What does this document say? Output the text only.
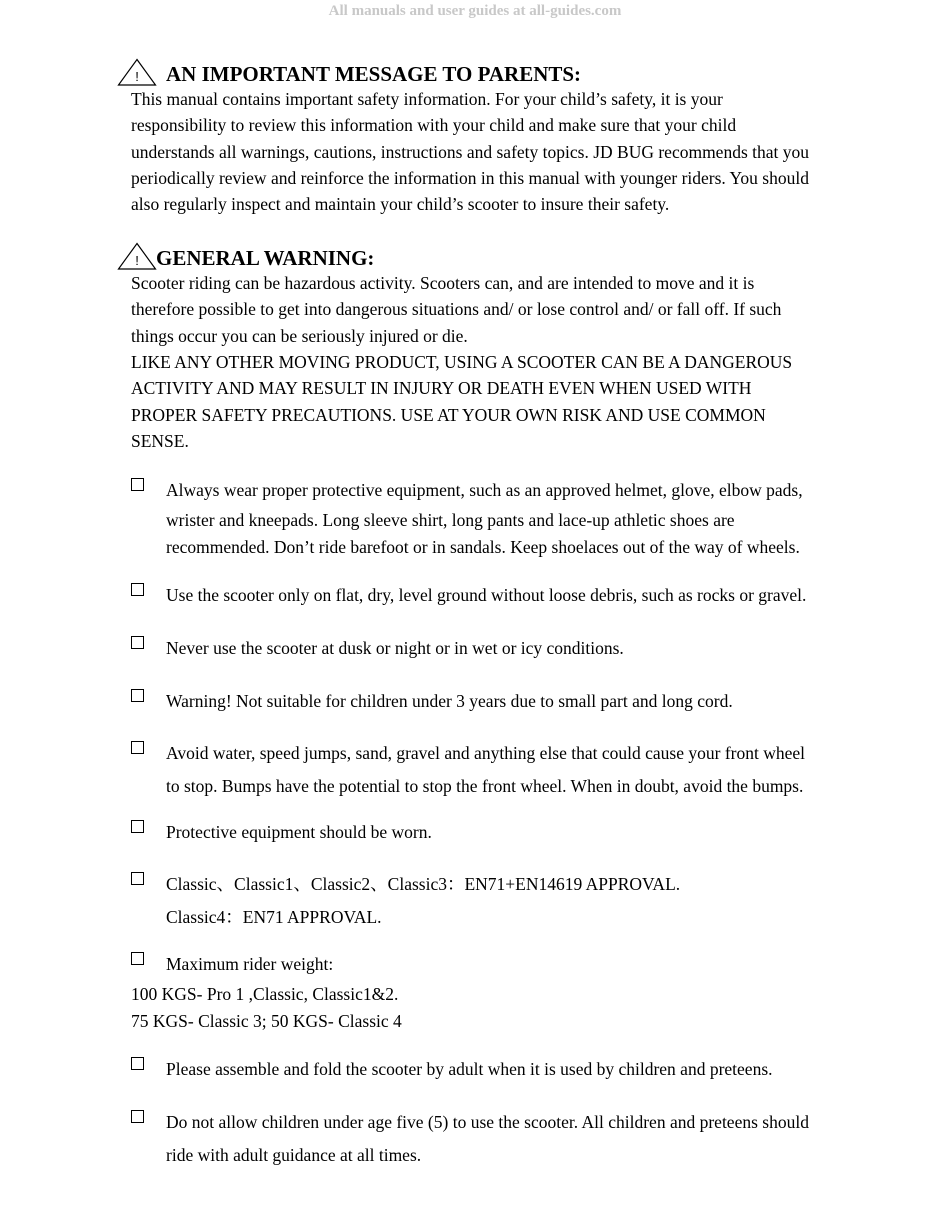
All manuals and user guides at all-guides.com
! AN IMPORTANT MESSAGE TO PARENTS:
This manual contains important safety information. For your child’s safety, it is your
responsibility to review this information with your child and make sure that your child
understands all warnings, cautions, instructions and safety topics. JD BUG recommends that you
periodically review and reinforce the information in this manual with younger riders. You should
also regularly inspect and maintain your child’s scooter to insure their safety.
! GENERAL WARNING:
Scooter riding can be hazardous activity. Scooters can, and are intended to move and it is
therefore possible to get into dangerous situations and/ or lose control and/ or fall off. If such
things occur you can be seriously injured or die.
LIKE ANY OTHER MOVING PRODUCT, USING A SCOOTER CAN BE A DANGEROUS
ACTIVITY AND MAY RESULT IN INJURY OR DEATH EVEN WHEN USED WITH
PROPER SAFETY PRECAUTIONS. USE AT YOUR OWN RISK AND USE COMMON
SENSE.
Always wear proper protective equipment, such as an approved helmet, glove, elbow pads,
wrister and kneepads. Long sleeve shirt, long pants and lace-up athletic shoes are
recommended. Don’t ride barefoot or in sandals. Keep shoelaces out of the way of wheels.
Use the scooter only on flat, dry, level ground without loose debris, such as rocks or gravel.
Never use the scooter at dusk or night or in wet or icy conditions.
Warning! Not suitable for children under 3 years due to small part and long cord.
Avoid water, speed jumps, sand, gravel and anything else that could cause your front wheel
to stop. Bumps have the potential to stop the front wheel. When in doubt, avoid the bumps.
Protective equipment should be worn.
Classic、Classic1、Classic2、Classic3：EN71+EN14619 APPROVAL.
Classic4：EN71 APPROVAL.
Maximum rider weight:
100 KGS- Pro 1 ,Classic, Classic1&2.
75 KGS- Classic 3; 50 KGS- Classic 4
Please assemble and fold the scooter by adult when it is used by children and preteens.
Do not allow children under age five (5) to use the scooter. All children and preteens should
ride with adult guidance at all times.
